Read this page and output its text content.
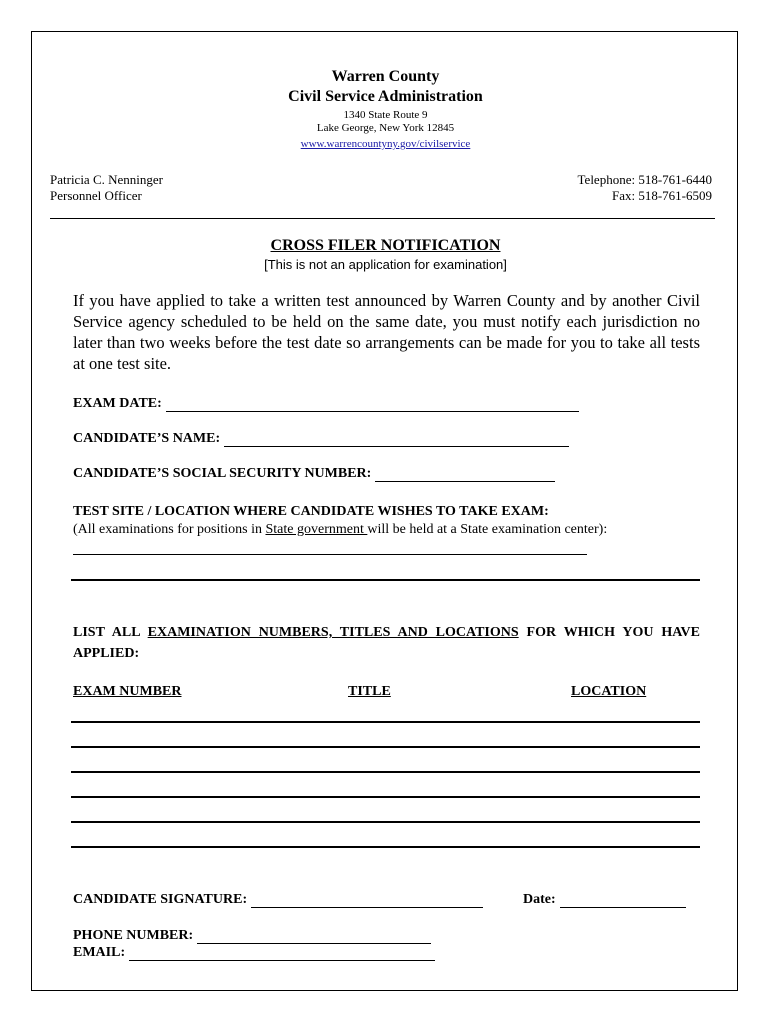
Warren County
Civil Service Administration
1340 State Route 9
Lake George, New York 12845
www.warrencountyny.gov/civilservice
Patricia C. Nenninger
Personnel Officer
Telephone: 518-761-6440
Fax: 518-761-6509
CROSS FILER NOTIFICATION
[This is not an application for examination]
If you have applied to take a written test announced by Warren County and by another Civil Service agency scheduled to be held on the same date, you must notify each jurisdiction no later than two weeks before the test date so arrangements can be made for you to take all tests at one test site.
EXAM DATE:
CANDIDATE’S NAME:
CANDIDATE’S SOCIAL SECURITY NUMBER:
TEST SITE / LOCATION WHERE CANDIDATE WISHES TO TAKE EXAM:
(All examinations for positions in State government will be held at a State examination center):
LIST ALL EXAMINATION NUMBERS, TITLES AND LOCATIONS FOR WHICH YOU HAVE APPLIED:
EXAM NUMBER	TITLE	LOCATION
CANDIDATE SIGNATURE:	Date:
PHONE NUMBER:
EMAIL:
